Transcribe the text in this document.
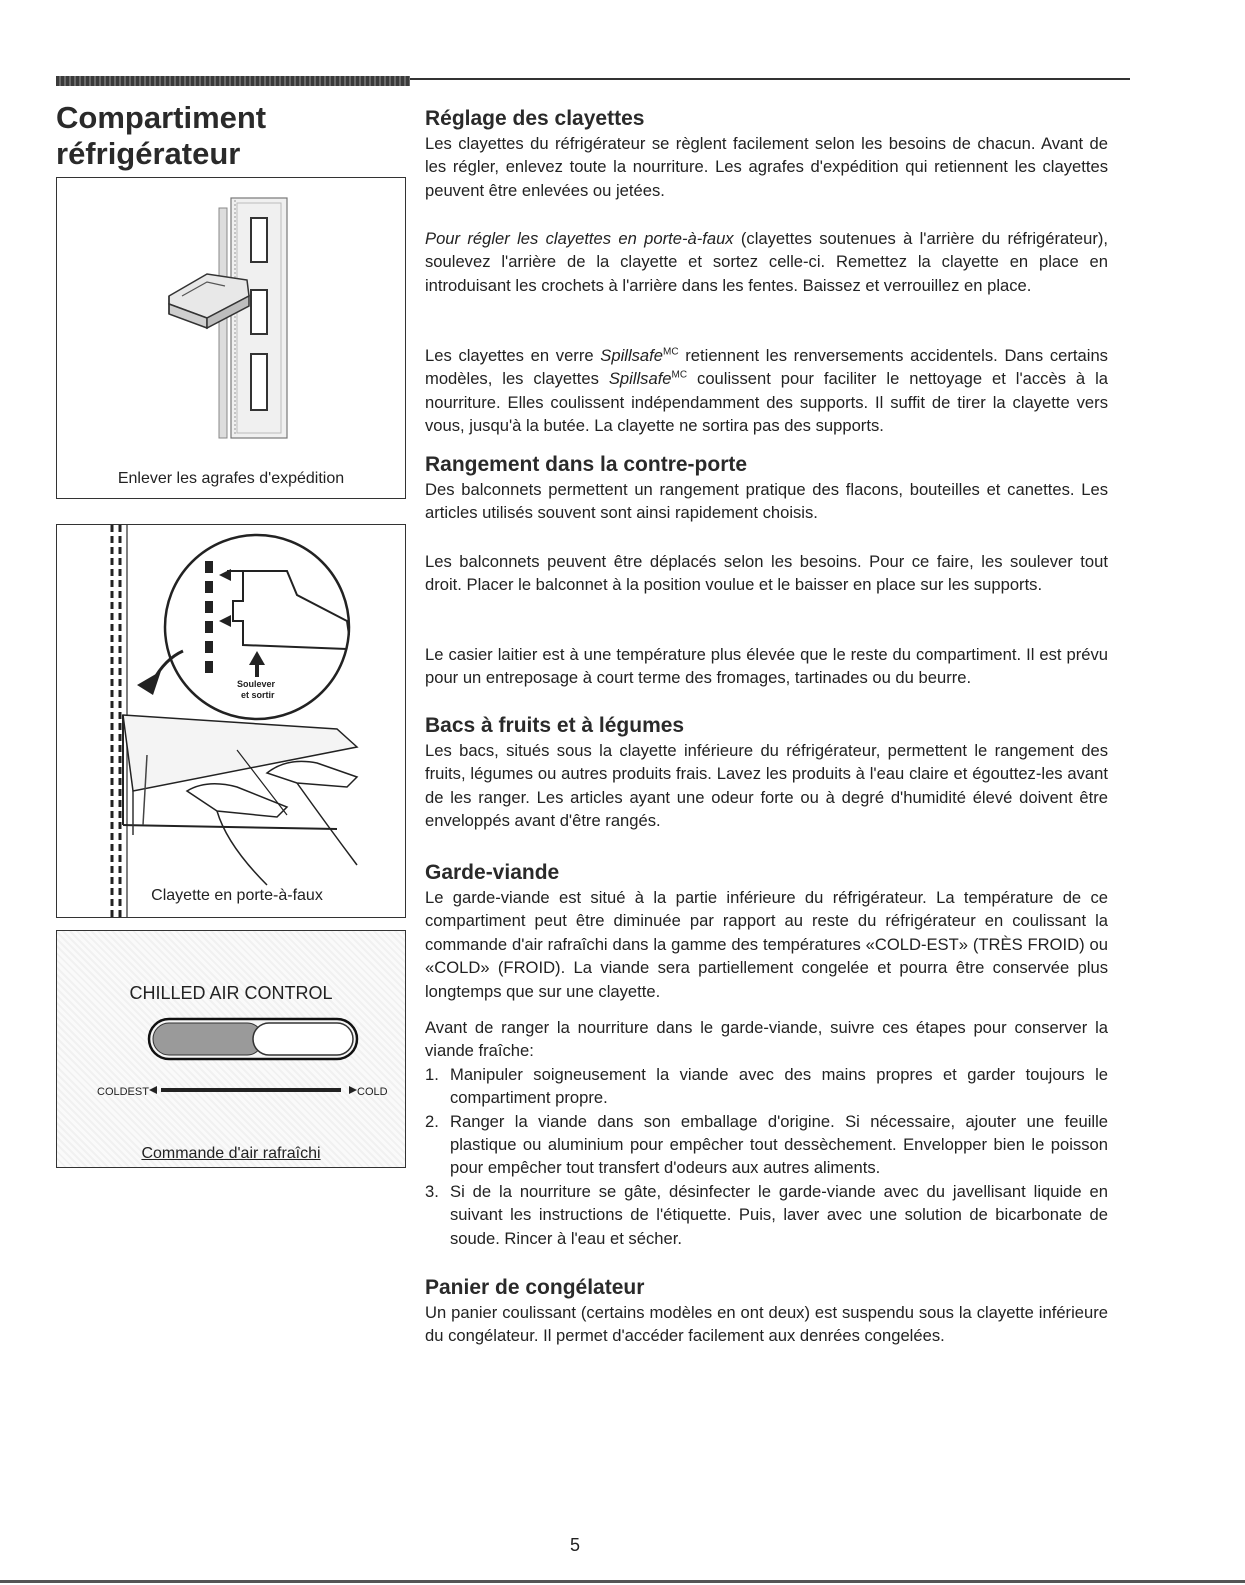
Compartiment
réfrigérateur
Enlever les agrafes d'expédition
Soulever
et sortir
Clayette en porte-à-faux
CHILLED AIR CONTROL
COLDEST	COLD
Commande d'air rafraîchi
Réglage des clayettes

Les clayettes du réfrigérateur se règlent facilement selon les besoins de chacun. Avant de les régler, enlevez toute la nourriture. Les agrafes d'expédition qui retiennent les clayettes peuvent être enlevées ou jetées.

Pour régler les clayettes en porte-à-faux (clayettes soutenues à l'arrière du réfrigérateur), soulevez l'arrière de la clayette et sortez celle-ci. Remettez la clayette en place en introduisant les crochets à l'arrière dans les fentes. Baissez et verrouillez en place.

Les clayettes en verre Spillsafe$^{MC}$ retiennent les renversements accidentels. Dans certains modèles, les clayettes Spillsafe$^{MC}$ coulissent pour faciliter le nettoyage et l'accès à la nourriture. Elles coulissent indépendamment des supports. Il suffit de tirer la clayette vers vous, jusqu'à la butée. La clayette ne sortira pas des supports.

Rangement dans la contre-porte

Des balconnets permettent un rangement pratique des flacons, bouteilles et canettes. Les articles utilisés souvent sont ainsi rapidement choisis.

Les balconnets peuvent être déplacés selon les besoins. Pour ce faire, les soulever tout droit. Placer le balconnet à la position voulue et le baisser en place sur les supports.

Le casier laitier est à une température plus élevée que le reste du compartiment. Il est prévu pour un entreposage à court terme des fromages, tartinades ou du beurre.

Bacs à fruits et à légumes

Les bacs, situés sous la clayette inférieure du réfrigérateur, permettent le rangement des fruits, légumes ou autres produits frais. Lavez les produits à l'eau claire et égouttez-les avant de les ranger. Les articles ayant une odeur forte ou à degré d'humidité élevé doivent être enveloppés avant d'être rangés.

Garde-viande

Le garde-viande est situé à la partie inférieure du réfrigérateur. La température de ce compartiment peut être diminuée par rapport au reste du réfrigérateur en coulissant la commande d'air rafraîchi dans la gamme des températures «COLD-EST» (TRÈS FROID) ou «COLD» (FROID). La viande sera partiellement congelée et pourra être conservée plus longtemps que sur une clayette.

Avant de ranger la nourriture dans le garde-viande, suivre ces étapes pour conserver la viande fraîche:

1. Manipuler soigneusement la viande avec des mains propres et garder toujours le compartiment propre.
2. Ranger la viande dans son emballage d'origine. Si nécessaire, ajouter une feuille plastique ou aluminium pour empêcher tout dessèchement. Envelopper bien le poisson pour empêcher tout transfert d'odeurs aux autres aliments.
3. Si de la nourriture se gâte, désinfecter le garde-viande avec du javellisant liquide en suivant les instructions de l'étiquette. Puis, laver avec une solution de bicarbonate de soude. Rincer à l'eau et sécher.
Panier de congélateur

Un panier coulissant (certains modèles en ont deux) est suspendu sous la clayette inférieure du congélateur. Il permet d'accéder facilement aux denrées congelées.

5
